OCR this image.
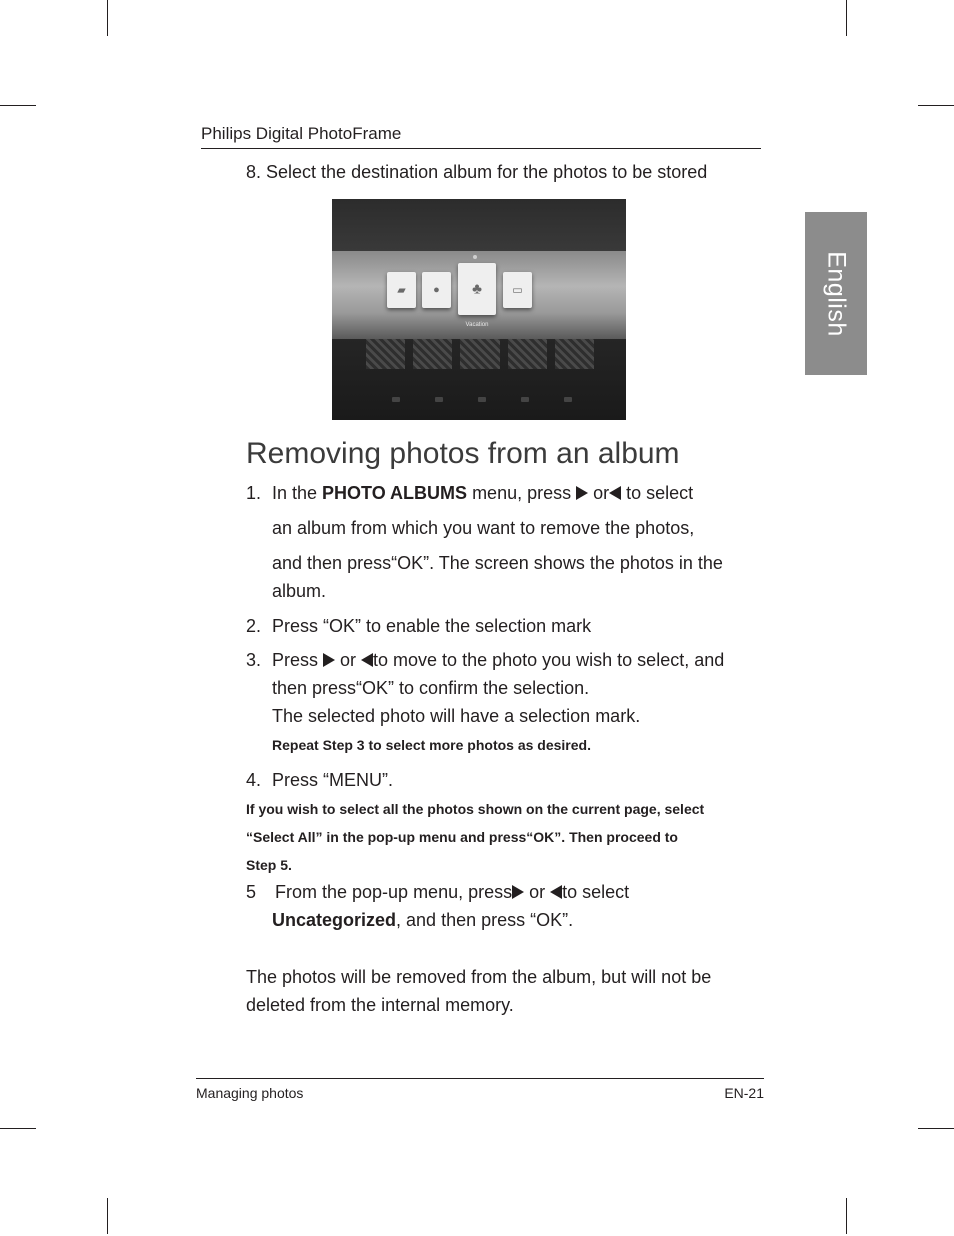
Philips Digital PhotoFrame
English
8. Select the destination album for the photos to be stored
▰ ● ♣	▭
Vacation
Removing photos from an album
1. In the PHOTO ALBUMS menu, press  or to select
an album from which you want to remove the photos,
and then press“OK”. The screen shows the photos in the
album.
2. Press “OK” to enable the selection mark
3. Press  or to move to the photo you wish to select, and
then press“OK” to confirm the selection.
The selected photo will have a selection mark.
Repeat Step 3 to select more photos as desired.
4. Press “MENU”.
If you wish to select all the photos shown on the current page, select
“Select All” in the pop-up menu and press“OK”. Then proceed to
Step 5.
5 From the pop-up menu, press or to select
Uncategorized, and then press “OK”.
The photos will be removed from the album, but will not be
deleted from the internal memory.
Managing photos	EN-21
